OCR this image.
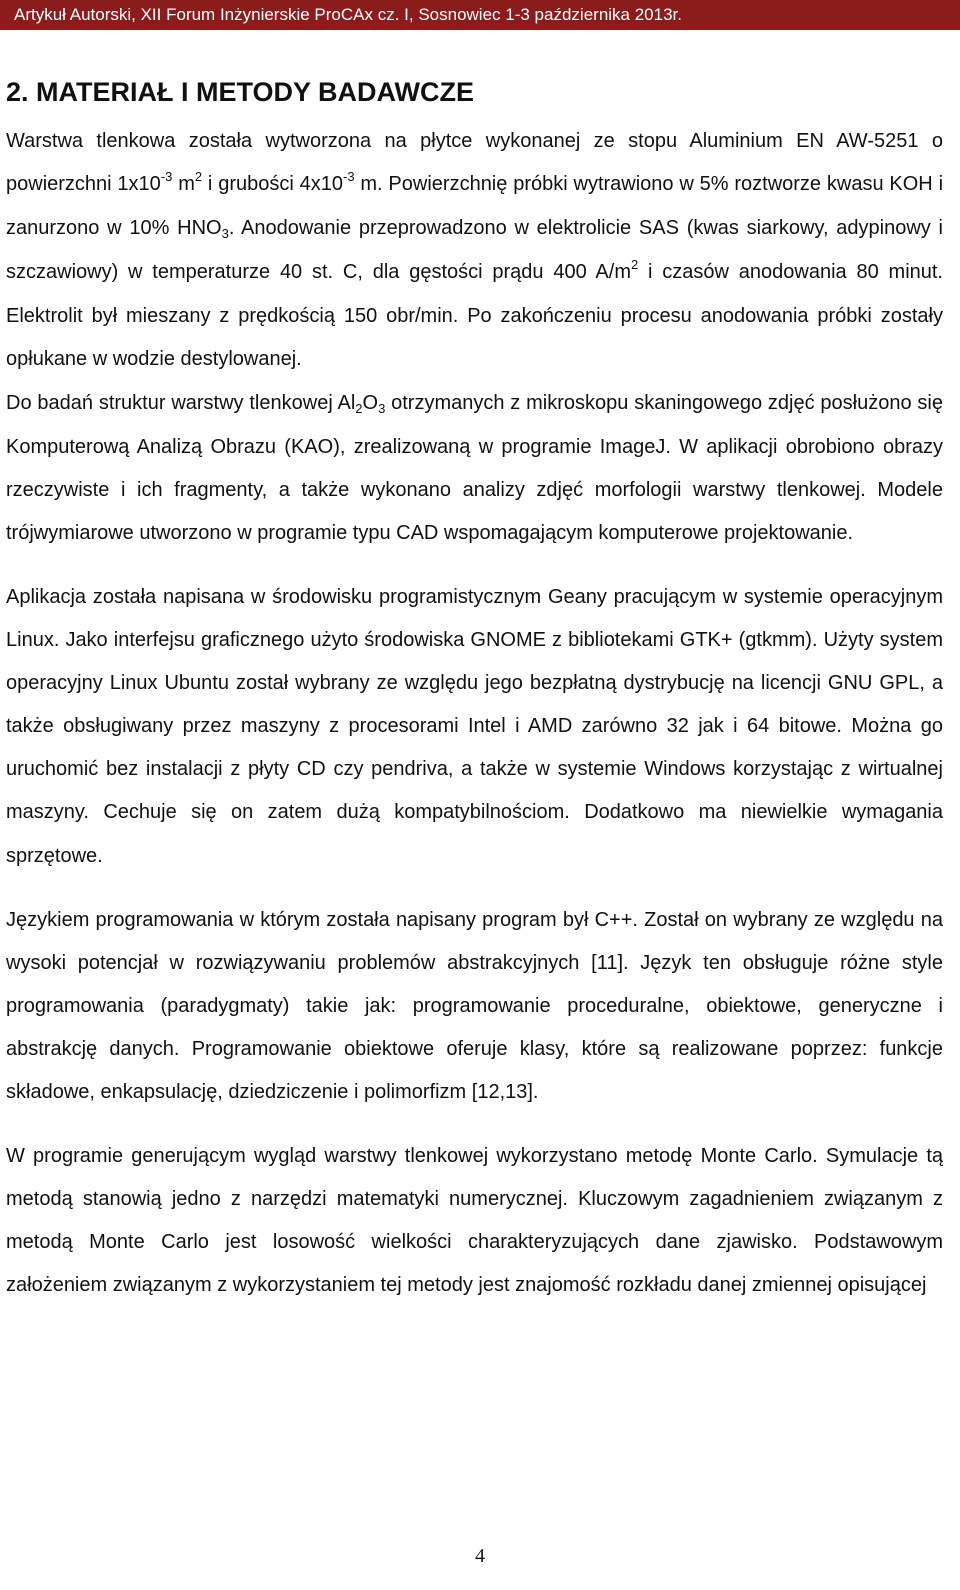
Artykuł Autorski, XII Forum Inżynierskie ProCAx cz. I, Sosnowiec 1-3 października 2013r.
2. MATERIAŁ I METODY BADAWCZE

Warstwa tlenkowa została wytworzona na płytce wykonanej ze stopu Aluminium EN AW-5251 o powierzchni $1x10^{-3}$ $m^2$ i grubości $4x10^{-3}$ m. Powierzchnię próbki wytrawiono w 5% roztworze kwasu KOH i zanurzono w 10% $HNO_3$. Anodowanie przeprowadzono w elektrolicie SAS (kwas siarkowy, adypinowy i szczawiowy) w temperaturze 40 st. C, dla gęstości prądu 400 $A/m^2$ i czasów anodowania 80 minut. Elektrolit był mieszany z prędkością 150 obr/min. Po zakończeniu procesu anodowania próbki zostały opłukane w wodzie destylowanej.

Do badań struktur warstwy tlenkowej $Al_2O_3$ otrzymanych z mikroskopu skaningowego zdjęć posłużono się Komputerową Analizą Obrazu (KAO), zrealizowaną w programie ImageJ. W aplikacji obrobiono obrazy rzeczywiste i ich fragmenty, a także wykonano analizy zdjęć morfologii warstwy tlenkowej. Modele trójwymiarowe utworzono w programie typu CAD wspomagającym komputerowe projektowanie.

Aplikacja została napisana w środowisku programistycznym Geany pracującym w systemie operacyjnym Linux. Jako interfejsu graficznego użyto środowiska GNOME z bibliotekami GTK+ (gtkmm). Użyty system operacyjny Linux Ubuntu został wybrany ze względu jego bezpłatną dystrybucję na licencji GNU GPL, a także obsługiwany przez maszyny z procesorami Intel i AMD zarówno 32 jak i 64 bitowe. Można go uruchomić bez instalacji z płyty CD czy pendriva, a także w systemie Windows korzystając z wirtualnej maszyny. Cechuje się on zatem dużą kompatybilnościom. Dodatkowo ma niewielkie wymagania sprzętowe.

Językiem programowania w którym została napisany program był C++. Został on wybrany ze względu na wysoki potencjał w rozwiązywaniu problemów abstrakcyjnych [11]. Język ten obsługuje różne style programowania (paradygmaty) takie jak: programowanie proceduralne, obiektowe, generyczne i abstrakcję danych. Programowanie obiektowe oferuje klasy, które są realizowane poprzez: funkcje składowe, enkapsulację, dziedziczenie i polimorfizm [12,13].

W programie generującym wygląd warstwy tlenkowej wykorzystano metodę Monte Carlo. Symulacje tą metodą stanowią jedno z narzędzi matematyki numerycznej. Kluczowym zagadnieniem związanym z metodą Monte Carlo jest losowość wielkości charakteryzujących dane zjawisko. Podstawowym założeniem związanym z wykorzystaniem tej metody jest znajomość rozkładu danej zmiennej opisującej

4
